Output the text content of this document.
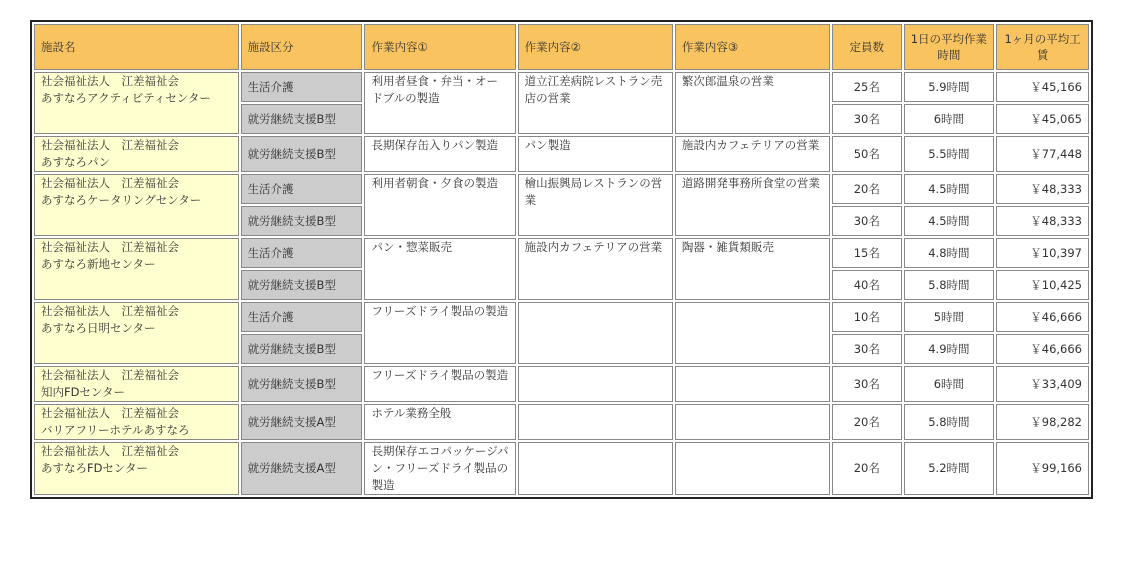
施設名	施設区分	作業内容①	作業内容②	作業内容③	定員数	1日の平均作業時間	1ヶ月の平均工賃

社会福祉法人　江差福祉会
あすなろアクティビティセンター	生活介護	利用者昼食・弁当・オードブルの製造	道立江差病院レストラン売店の営業	繁次郎温泉の営業	25名	5.9時間	￥45,166
	就労継続支援B型				30名	6時間	￥45,065

社会福祉法人　江差福祉会
あすなろパン	就労継続支援B型	長期保存缶入りパン製造	パン製造	施設内カフェテリアの営業	50名	5.5時間	￥77,448

社会福祉法人　江差福祉会
あすなろケータリングセンター	生活介護	利用者朝食・夕食の製造	檜山振興局レストランの営業	道路開発事務所食堂の営業	20名	4.5時間	￥48,333
	就労継続支援B型				30名	4.5時間	￥48,333

社会福祉法人　江差福祉会
あすなろ新地センター	生活介護	パン・惣菜販売	施設内カフェテリアの営業	陶器・雑貨類販売	15名	4.8時間	￥10,397
	就労継続支援B型				40名	5.8時間	￥10,425

社会福祉法人　江差福祉会
あすなろ日明センター	生活介護	フリーズドライ製品の製造			10名	5時間	￥46,666
	就労継続支援B型				30名	4.9時間	￥46,666

社会福祉法人　江差福祉会
知内FDセンター	就労継続支援B型	フリーズドライ製品の製造			30名	6時間	￥33,409

社会福祉法人　江差福祉会
バリアフリーホテルあすなろ	就労継続支援A型	ホテル業務全般			20名	5.8時間	￥98,282

社会福祉法人　江差福祉会
あすなろFDセンター	就労継続支援A型	長期保存エコパッケージパン・フリーズドライ製品の製造			20名	5.2時間	￥99,166
